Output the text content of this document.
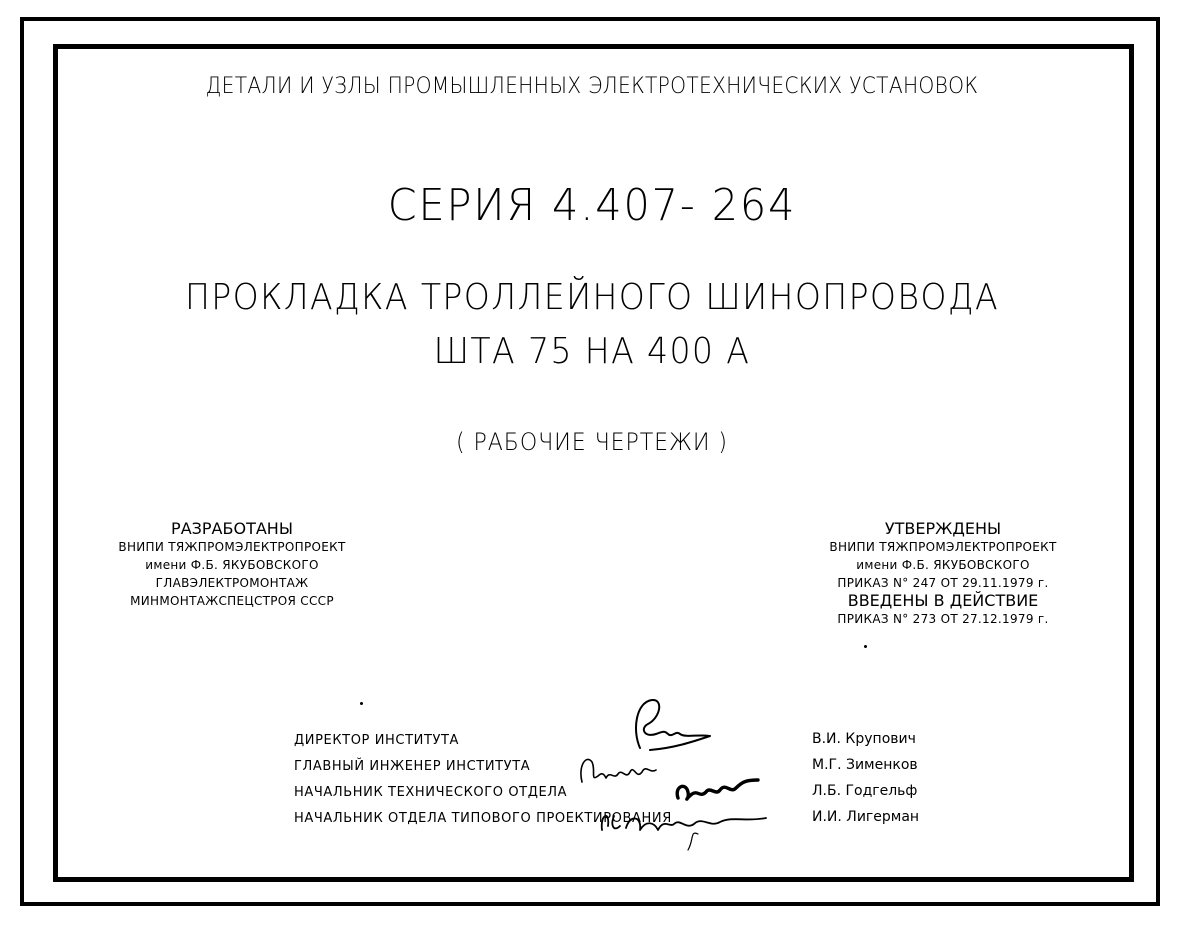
ДЕТАЛИ И УЗЛЫ ПРОМЫШЛЕННЫХ ЭЛЕКТРОТЕХНИЧЕСКИХ УСТАНОВОК
СЕРИЯ 4.407- 264
ПРОКЛАДКА ТРОЛЛЕЙНОГО ШИНОПРОВОДА
ШТА 75 НА 400 А
( РАБОЧИЕ ЧЕРТЕЖИ )
РАЗРАБОТАНЫ
ВНИПИ ТЯЖПРОМЭЛЕКТРОПРОЕКТ
имени Ф.Б. ЯКУБОВСКОГО
ГЛАВЭЛЕКТРОМОНТАЖ
МИНМОНТАЖСПЕЦСТРОЯ СССР
УТВЕРЖДЕНЫ
ВНИПИ ТЯЖПРОМЭЛЕКТРОПРОЕКТ
имени Ф.Б. ЯКУБОВСКОГО
ПРИКАЗ N° 247 ОТ 29.11.1979 г.
ВВЕДЕНЫ В ДЕЙСТВИЕ
ПРИКАЗ N° 273 ОТ 27.12.1979 г.
ДИРЕКТОР ИНСТИТУТА
ГЛАВНЫЙ ИНЖЕНЕР ИНСТИТУТА
НАЧАЛЬНИК ТЕХНИЧЕСКОГО ОТДЕЛА
НАЧАЛЬНИК ОТДЕЛА ТИПОВОГО ПРОЕКТИРОВАНИЯ
В.И. Крупович
М.Г. Зименков
Л.Б. Годгельф
И.И. Лигерман
